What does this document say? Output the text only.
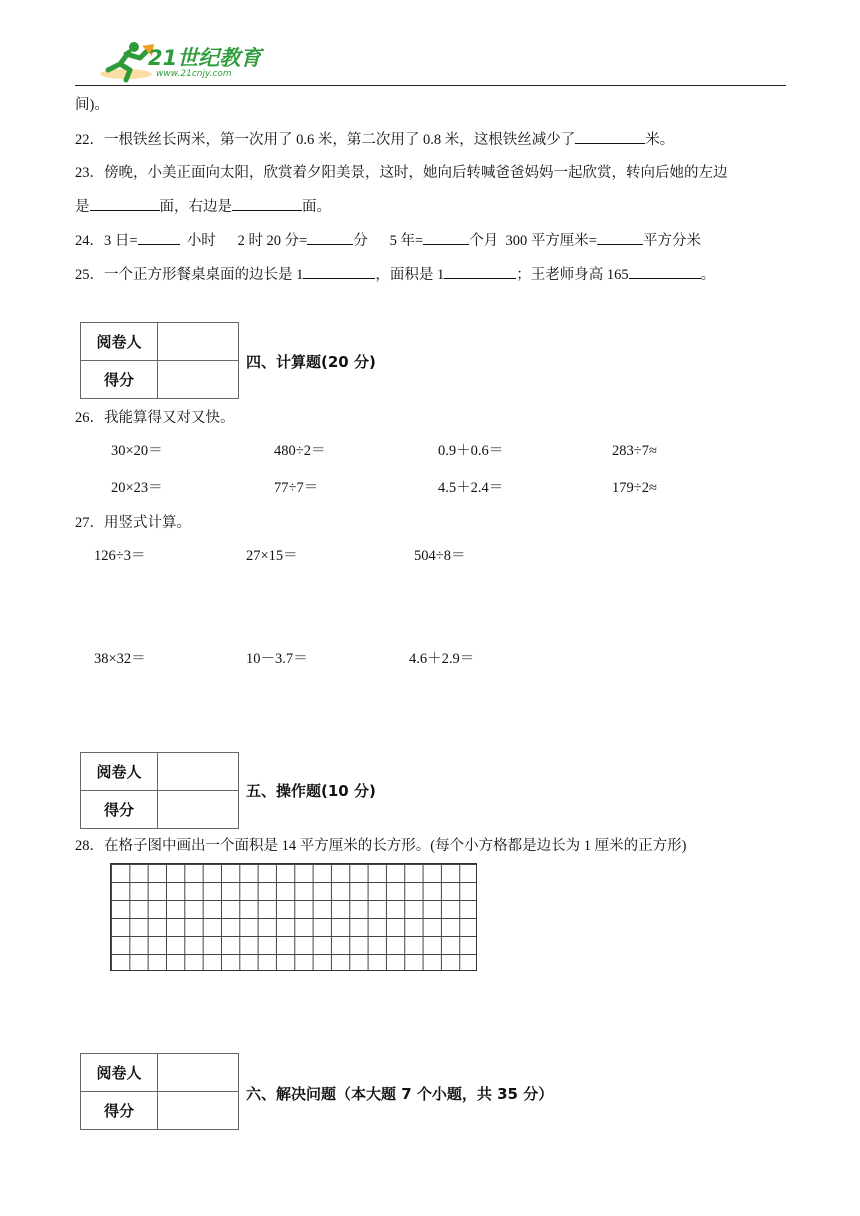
21世纪教育
www.21cnjy.com
间)。
22．一根铁丝长两米，第一次用了 0.6 米，第二次用了 0.8 米，这根铁丝减少了	米。
23．傍晚，小美正面向太阳，欣赏着夕阳美景，这时，她向后转喊爸爸妈妈一起欣赏，转向后她的左边
是	面，右边是	面。
24．3 日=	小时 2 时 20 分=	分 5 年=	个月 300 平方厘米=	平方分米
25．一个正方形餐桌桌面的边长是 1	，面积是 1	；王老师身高 165	。
阅卷人	
得分	
四、计算题(20 分)
26．我能算得又对又快。
30×20＝	480÷2＝	0.9＋0.6＝	283÷7≈
20×23＝	77÷7＝	4.5＋2.4＝	179÷2≈
27．用竖式计算。
126÷3＝	27×15＝	504÷8＝
38×32＝	10－3.7＝	4.6＋2.9＝
阅卷人	
得分	
五、操作题(10 分)
28．在格子图中画出一个面积是 14 平方厘米的长方形。(每个小方格都是边长为 1 厘米的正方形)
阅卷人	
得分	
六、解决问题（本大题 7 个小题，共 35 分）
